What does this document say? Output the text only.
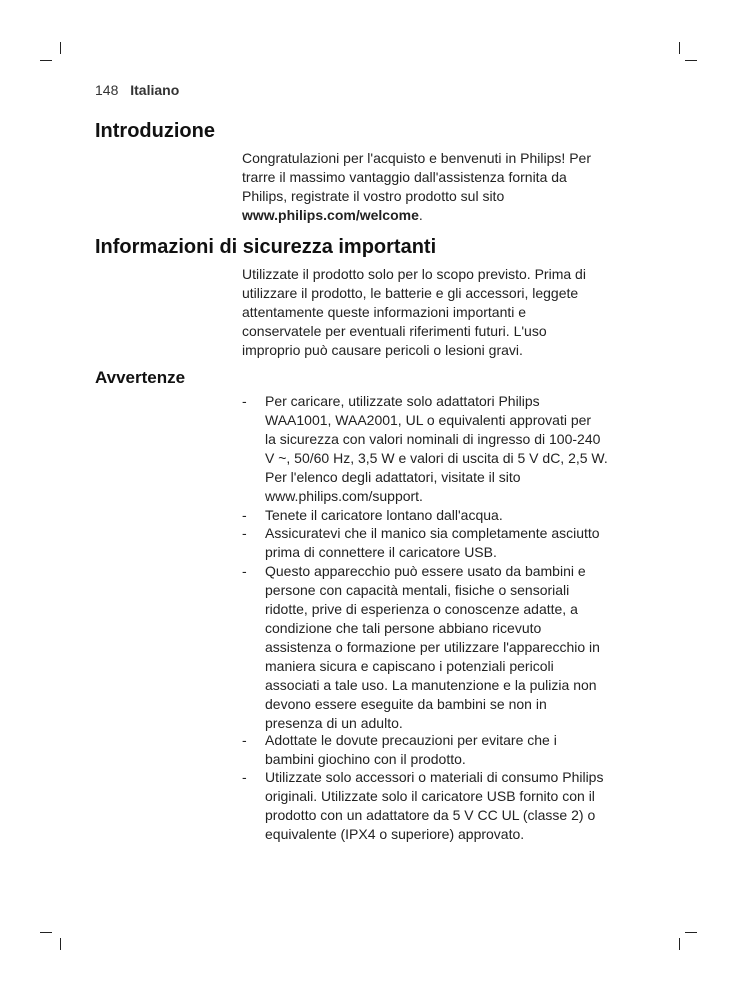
148 Italiano
Introduzione
Congratulazioni per l'acquisto e benvenuti in Philips! Per
trarre il massimo vantaggio dall'assistenza fornita da
Philips, registrate il vostro prodotto sul sito
www.philips.com/welcome.
Informazioni di sicurezza importanti
Utilizzate il prodotto solo per lo scopo previsto. Prima di
utilizzare il prodotto, le batterie e gli accessori, leggete
attentamente queste informazioni importanti e
conservatele per eventuali riferimenti futuri. L'uso
improprio può causare pericoli o lesioni gravi.
Avvertenze
- Per caricare, utilizzate solo adattatori Philips
WAA1001, WAA2001, UL o equivalenti approvati per
la sicurezza con valori nominali di ingresso di 100-240
V ~, 50/60 Hz, 3,5 W e valori di uscita di 5 V dC, 2,5 W.
Per l'elenco degli adattatori, visitate il sito
www.philips.com/support.
- Tenete il caricatore lontano dall'acqua.
- Assicuratevi che il manico sia completamente asciutto
prima di connettere il caricatore USB.
- Questo apparecchio può essere usato da bambini e
persone con capacità mentali, fisiche o sensoriali
ridotte, prive di esperienza o conoscenze adatte, a
condizione che tali persone abbiano ricevuto
assistenza o formazione per utilizzare l'apparecchio in
maniera sicura e capiscano i potenziali pericoli
associati a tale uso. La manutenzione e la pulizia non
devono essere eseguite da bambini se non in
presenza di un adulto.
- Adottate le dovute precauzioni per evitare che i
bambini giochino con il prodotto.
- Utilizzate solo accessori o materiali di consumo Philips
originali. Utilizzate solo il caricatore USB fornito con il
prodotto con un adattatore da 5 V CC UL (classe 2) o
equivalente (IPX4 o superiore) approvato.
